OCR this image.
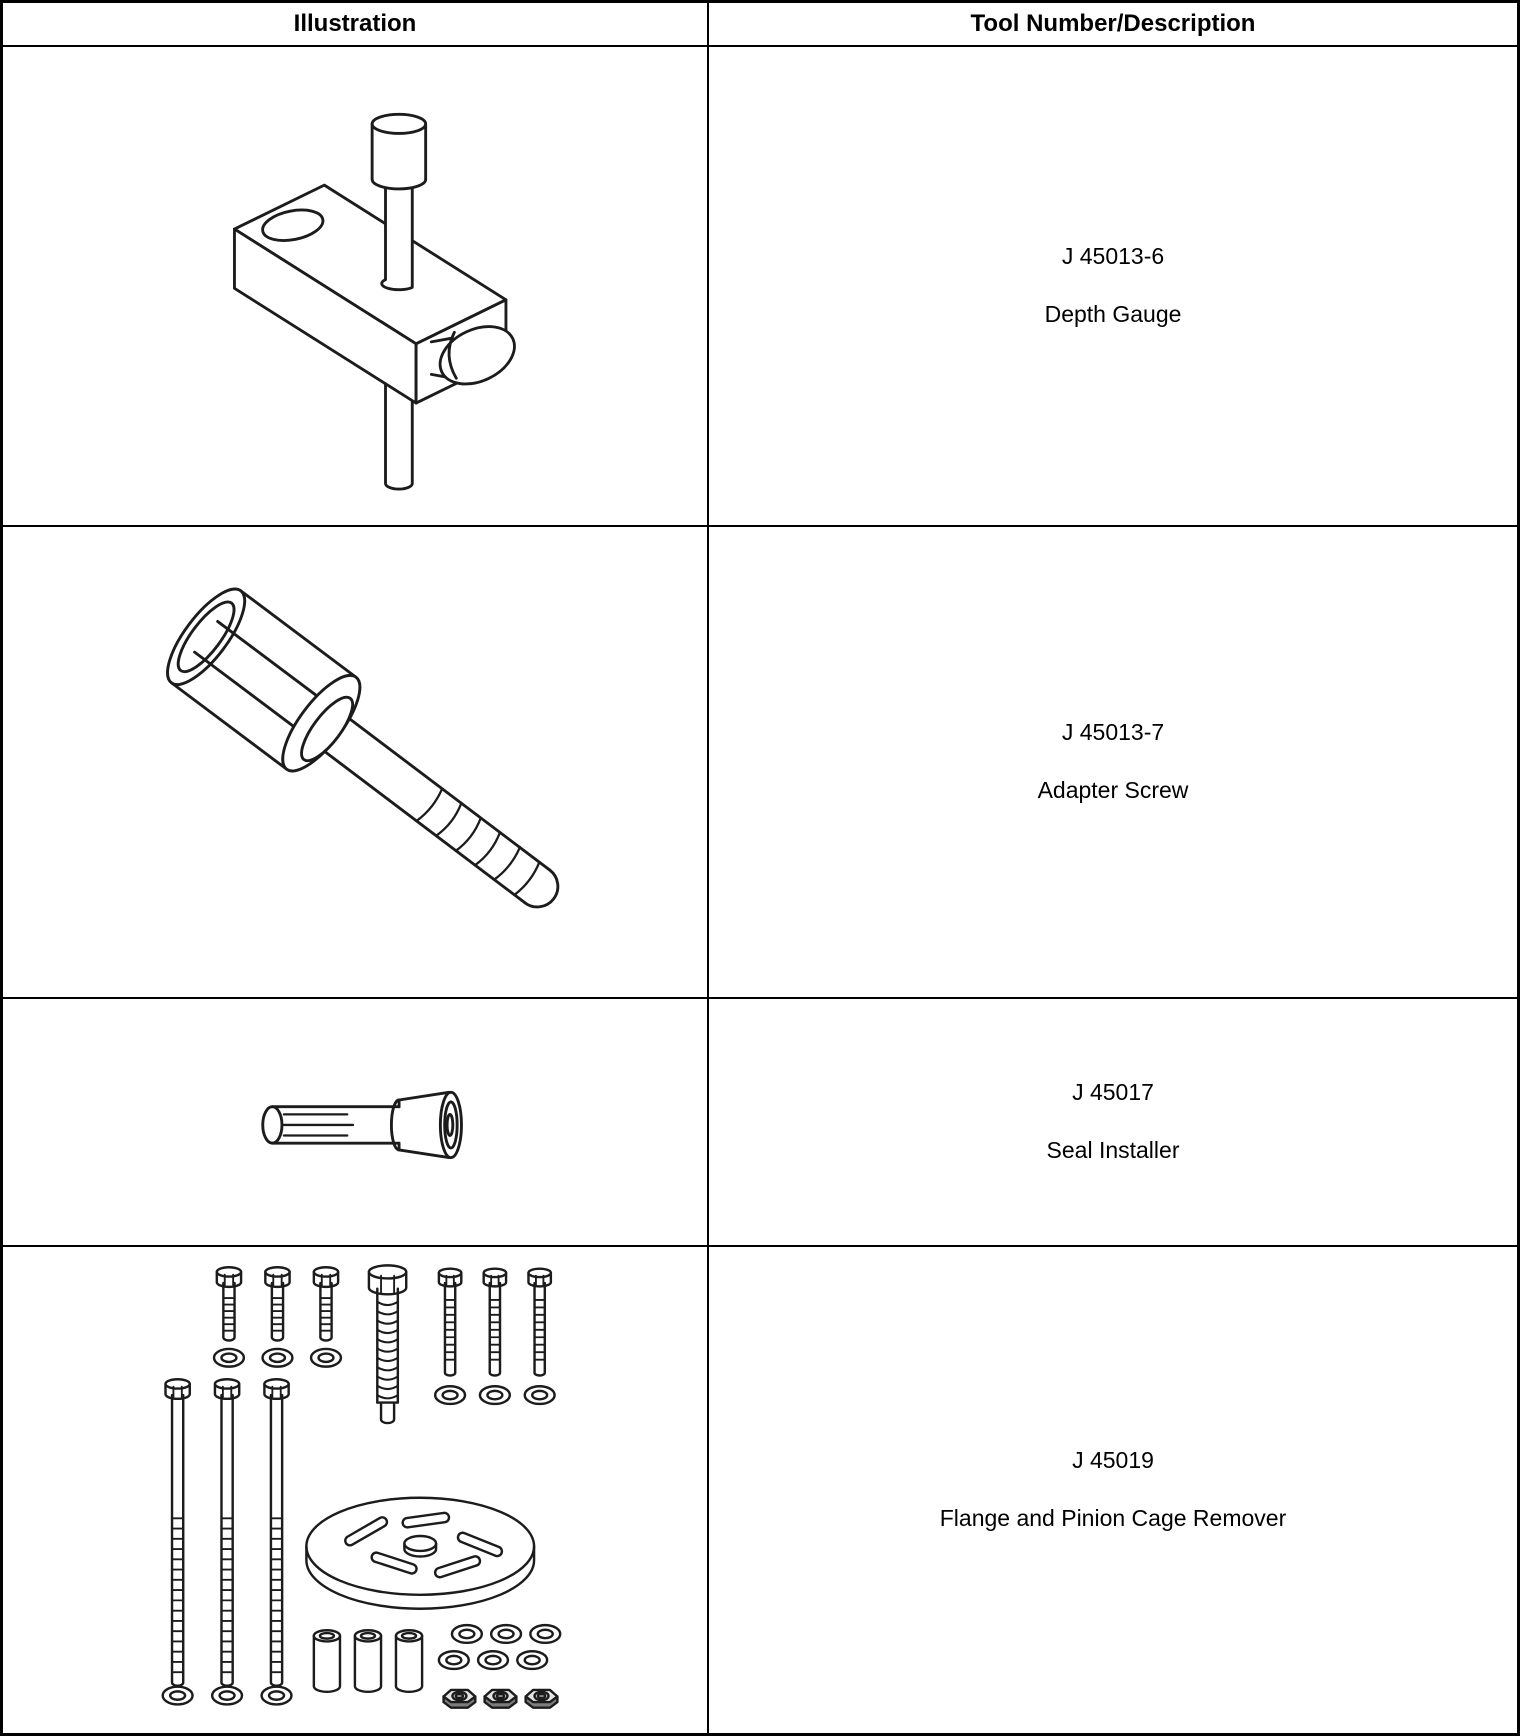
Illustration	Tool Number/Description
J 45013-6
Depth Gauge
J 45013-7
Adapter Screw
J 45017
Seal Installer
J 45019
Flange and Pinion Cage Remover
